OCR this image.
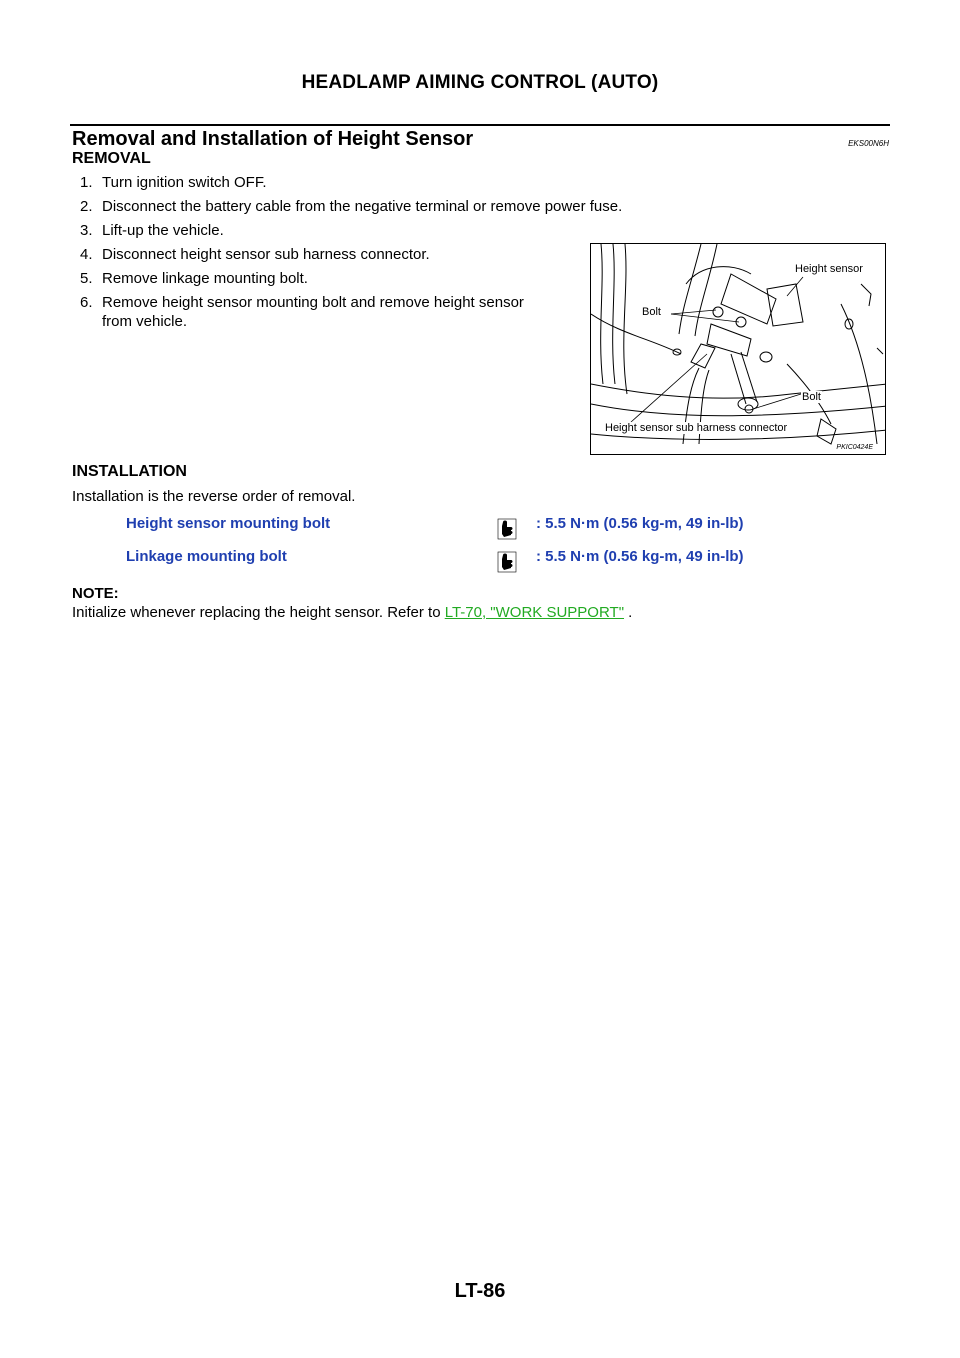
HEADLAMP AIMING CONTROL (AUTO)
Removal and Installation of Height Sensor	EKS00N6H
REMOVAL
1. Turn ignition switch OFF.
2. Disconnect the battery cable from the negative terminal or remove power fuse.
3. Lift-up the vehicle.
4. Disconnect height sensor sub harness connector.
5. Remove linkage mounting bolt.
6. Remove height sensor mounting bolt and remove height sensor
from vehicle.
Height sensor
Bolt
Bolt
Height sensor sub harness connector
PKIC0424E
INSTALLATION
Installation is the reverse order of removal.
Height sensor mounting bolt	: 5.5 N·m (0.56 kg-m, 49 in-lb)
Linkage mounting bolt	: 5.5 N·m (0.56 kg-m, 49 in-lb)
NOTE:
Initialize whenever replacing the height sensor. Refer to LT-70, "WORK SUPPORT" .
LT-86
